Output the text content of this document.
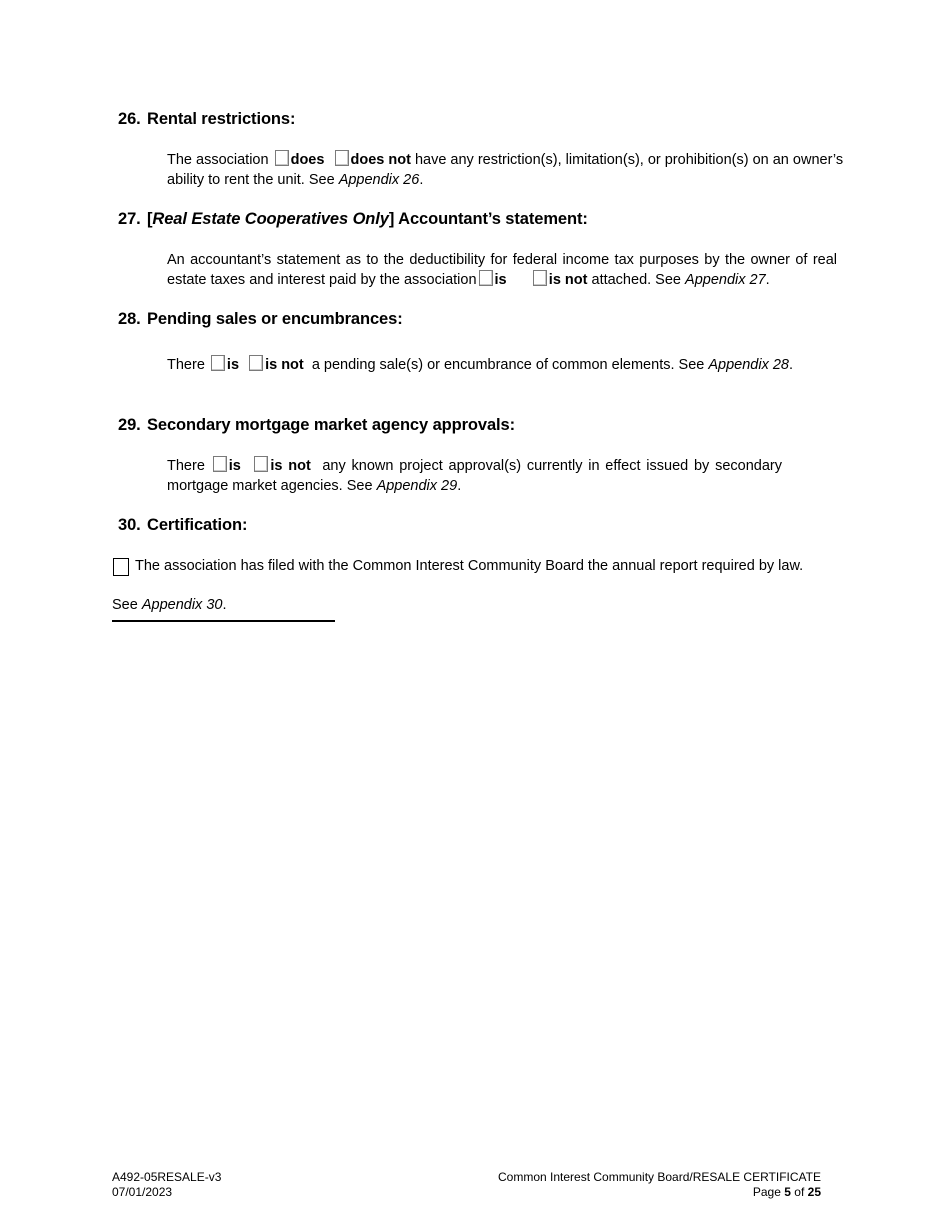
26. Rental restrictions:
The association does does not have any restriction(s), limitation(s), or prohibition(s) on an owner’s
ability to rent the unit. See Appendix 26.
27. [Real Estate Cooperatives Only] Accountant’s statement:
An accountant’s statement as to the deductibility for federal income tax purposes by the owner of real
estate taxes and interest paid by the association is	is not attached. See Appendix 27.
28. Pending sales or encumbrances:
There is is not a pending sale(s) or encumbrance of common elements. See Appendix 28.
29. Secondary mortgage market agency approvals:
There is is not any known project approval(s) currently in effect issued by secondary
mortgage market agencies. See Appendix 29.
30. Certification:
The association has filed with the Common Interest Community Board the annual report required by law.
See Appendix 30.
A492-05RESALE-v3
07/01/2023
Common Interest Community Board/RESALE CERTIFICATE
Page 5 of 25
